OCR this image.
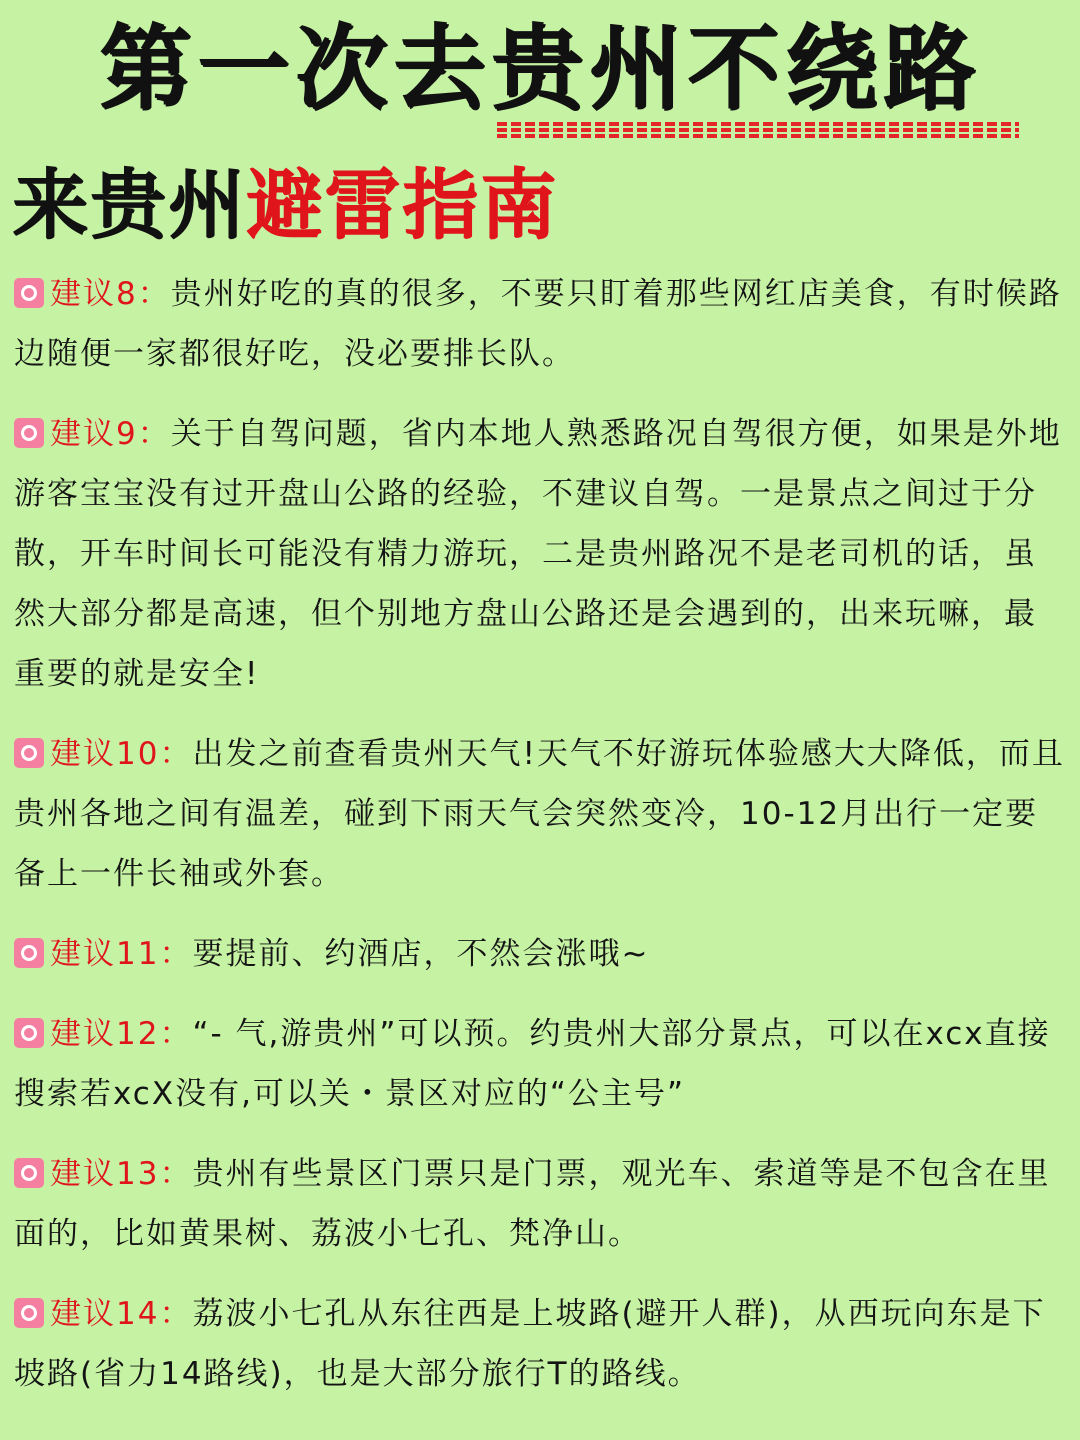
第一次去贵州不绕路
来贵州避雷指南
建议8：贵州好吃的真的很多，不要只盯着那些网红店美食，有时候路边随便一家都很好吃，没必要排长队。
建议9：关于自驾问题，省内本地人熟悉路况自驾很方便，如果是外地游客宝宝没有过开盘山公路的经验，不建议自驾。一是景点之间过于分散，开车时间长可能没有精力游玩，二是贵州路况不是老司机的话，虽然大部分都是高速，但个别地方盘山公路还是会遇到的，出来玩嘛，最重要的就是安全!
建议10：出发之前查看贵州天气!天气不好游玩体验感大大降低，而且贵州各地之间有温差，碰到下雨天气会突然变冷，10-12月出行一定要备上一件长袖或外套。
建议11：要提前、约酒店，不然会涨哦~
建议12：“- 气,游贵州”可以预。约贵州大部分景点，可以在xcx直接搜索若xcX没有,可以关・景区对应的“公主号”
建议13：贵州有些景区门票只是门票，观光车、索道等是不包含在里面的，比如黄果树、荔波小七孔、梵净山。
建议14：荔波小七孔从东往西是上坡路(避开人群)，从西玩向东是下坡路(省力14路线)，也是大部分旅行T的路线。
